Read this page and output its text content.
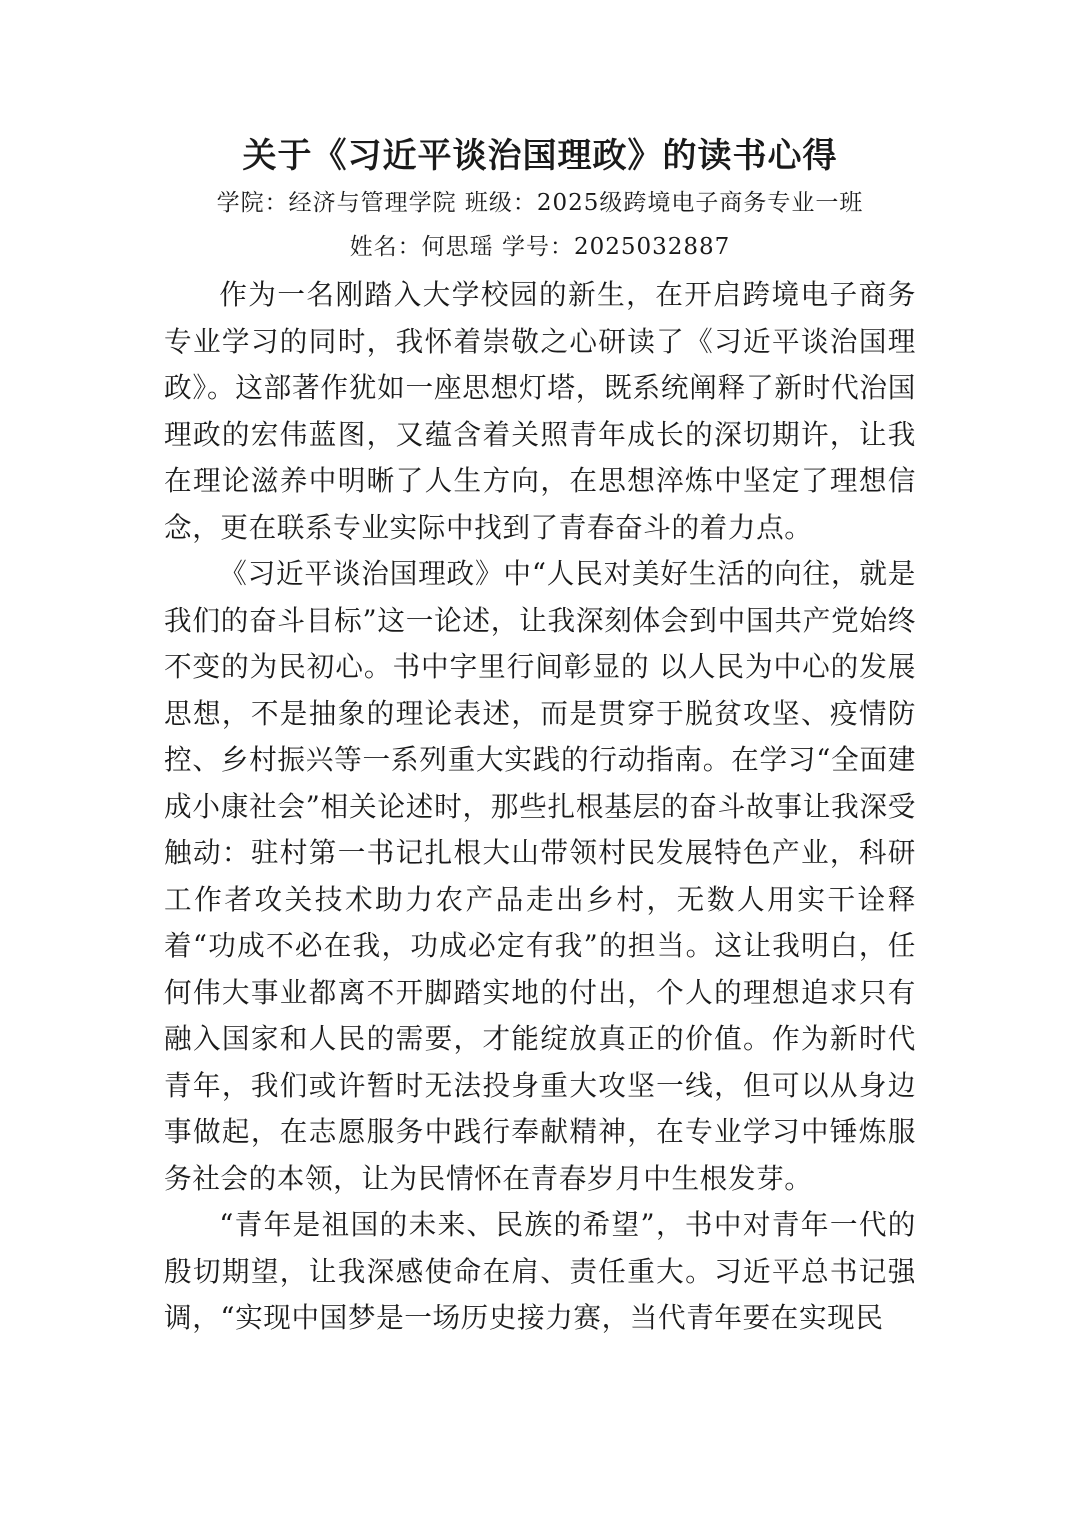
关于《习近平谈治国理政》的读书心得
学院：经济与管理学院 班级：2025级跨境电子商务专业一班
姓名：何思瑶 学号：2025032887

作为一名刚踏入大学校园的新生，在开启跨境电子商务专业学习的同时，我怀着崇敬之心研读了《习近平谈治国理政》。这部著作犹如一座思想灯塔，既系统阐释了新时代治国理政的宏伟蓝图，又蕴含着关照青年成长的深切期许，让我在理论滋养中明晰了人生方向，在思想淬炼中坚定了理想信念，更在联系专业实际中找到了青春奋斗的着力点。

《习近平谈治国理政》中“人民对美好生活的向往，就是我们的奋斗目标”这一论述，让我深刻体会到中国共产党始终不变的为民初心。书中字里行间彰显的 以人民为中心的发展思想，不是抽象的理论表述，而是贯穿于脱贫攻坚、疫情防控、乡村振兴等一系列重大实践的行动指南。在学习“全面建成小康社会”相关论述时，那些扎根基层的奋斗故事让我深受触动：驻村第一书记扎根大山带领村民发展特色产业，科研工作者攻关技术助力农产品走出乡村，无数人用实干诠释着“功成不必在我，功成必定有我”的担当。这让我明白，任何伟大事业都离不开脚踏实地的付出，个人的理想追求只有融入国家和人民的需要，才能绽放真正的价值。作为新时代青年，我们或许暂时无法投身重大攻坚一线，但可以从身边事做起，在志愿服务中践行奉献精神，在专业学习中锤炼服务社会的本领，让为民情怀在青春岁月中生根发芽。

“青年是祖国的未来、民族的希望”，书中对青年一代的殷切期望，让我深感使命在肩、责任重大。习近平总书记强调，“实现中国梦是一场历史接力赛，当代青年要在实现民
